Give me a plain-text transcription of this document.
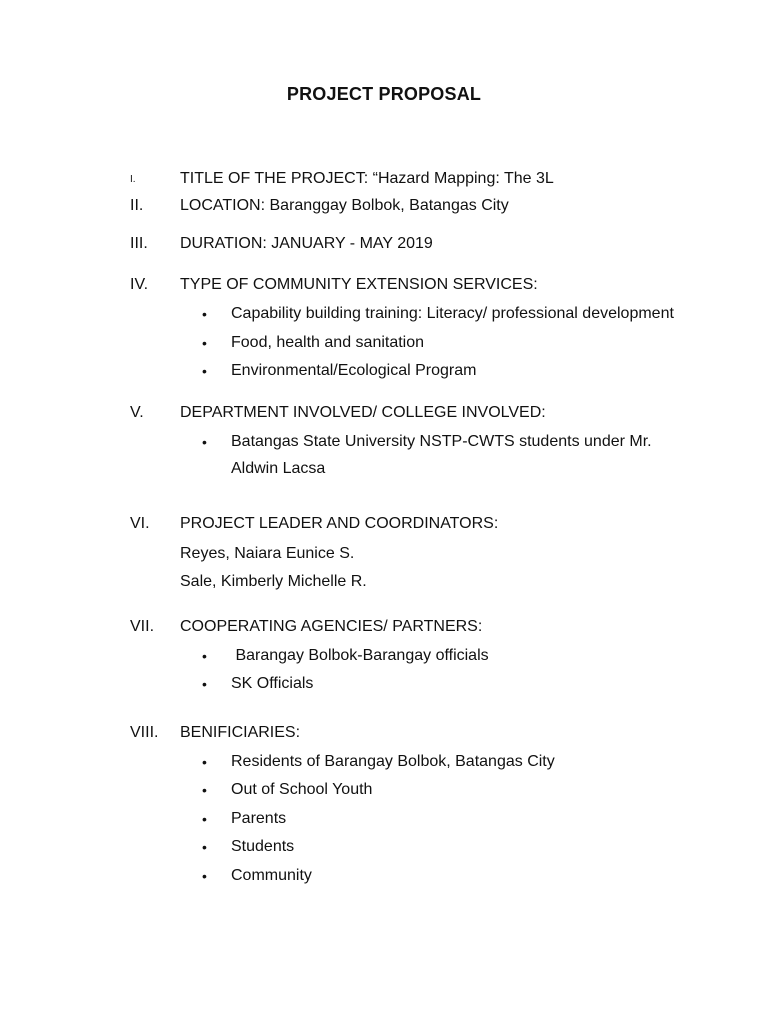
PROJECT PROPOSAL
I.	TITLE OF THE PROJECT: “Hazard Mapping: The 3L
II. LOCATION: Baranggay Bolbok, Batangas City
III. DURATION: JANUARY - MAY 2019
IV. TYPE OF COMMUNITY EXTENSION SERVICES:
• Capability building training: Literacy/ professional development
• Food, health and sanitation
• Environmental/Ecological Program
V. DEPARTMENT INVOLVED/ COLLEGE INVOLVED:
• Batangas State University NSTP-CWTS students under Mr.
Aldwin Lacsa
VI. PROJECT LEADER AND COORDINATORS:
Reyes, Naiara Eunice S.
Sale, Kimberly Michelle R.
VII. COOPERATING AGENCIES/ PARTNERS:
• Barangay Bolbok-Barangay officials
• SK Officials
VIII. BENIFICIARIES:
• Residents of Barangay Bolbok, Batangas City
• Out of School Youth
• Parents
• Students
• Community
